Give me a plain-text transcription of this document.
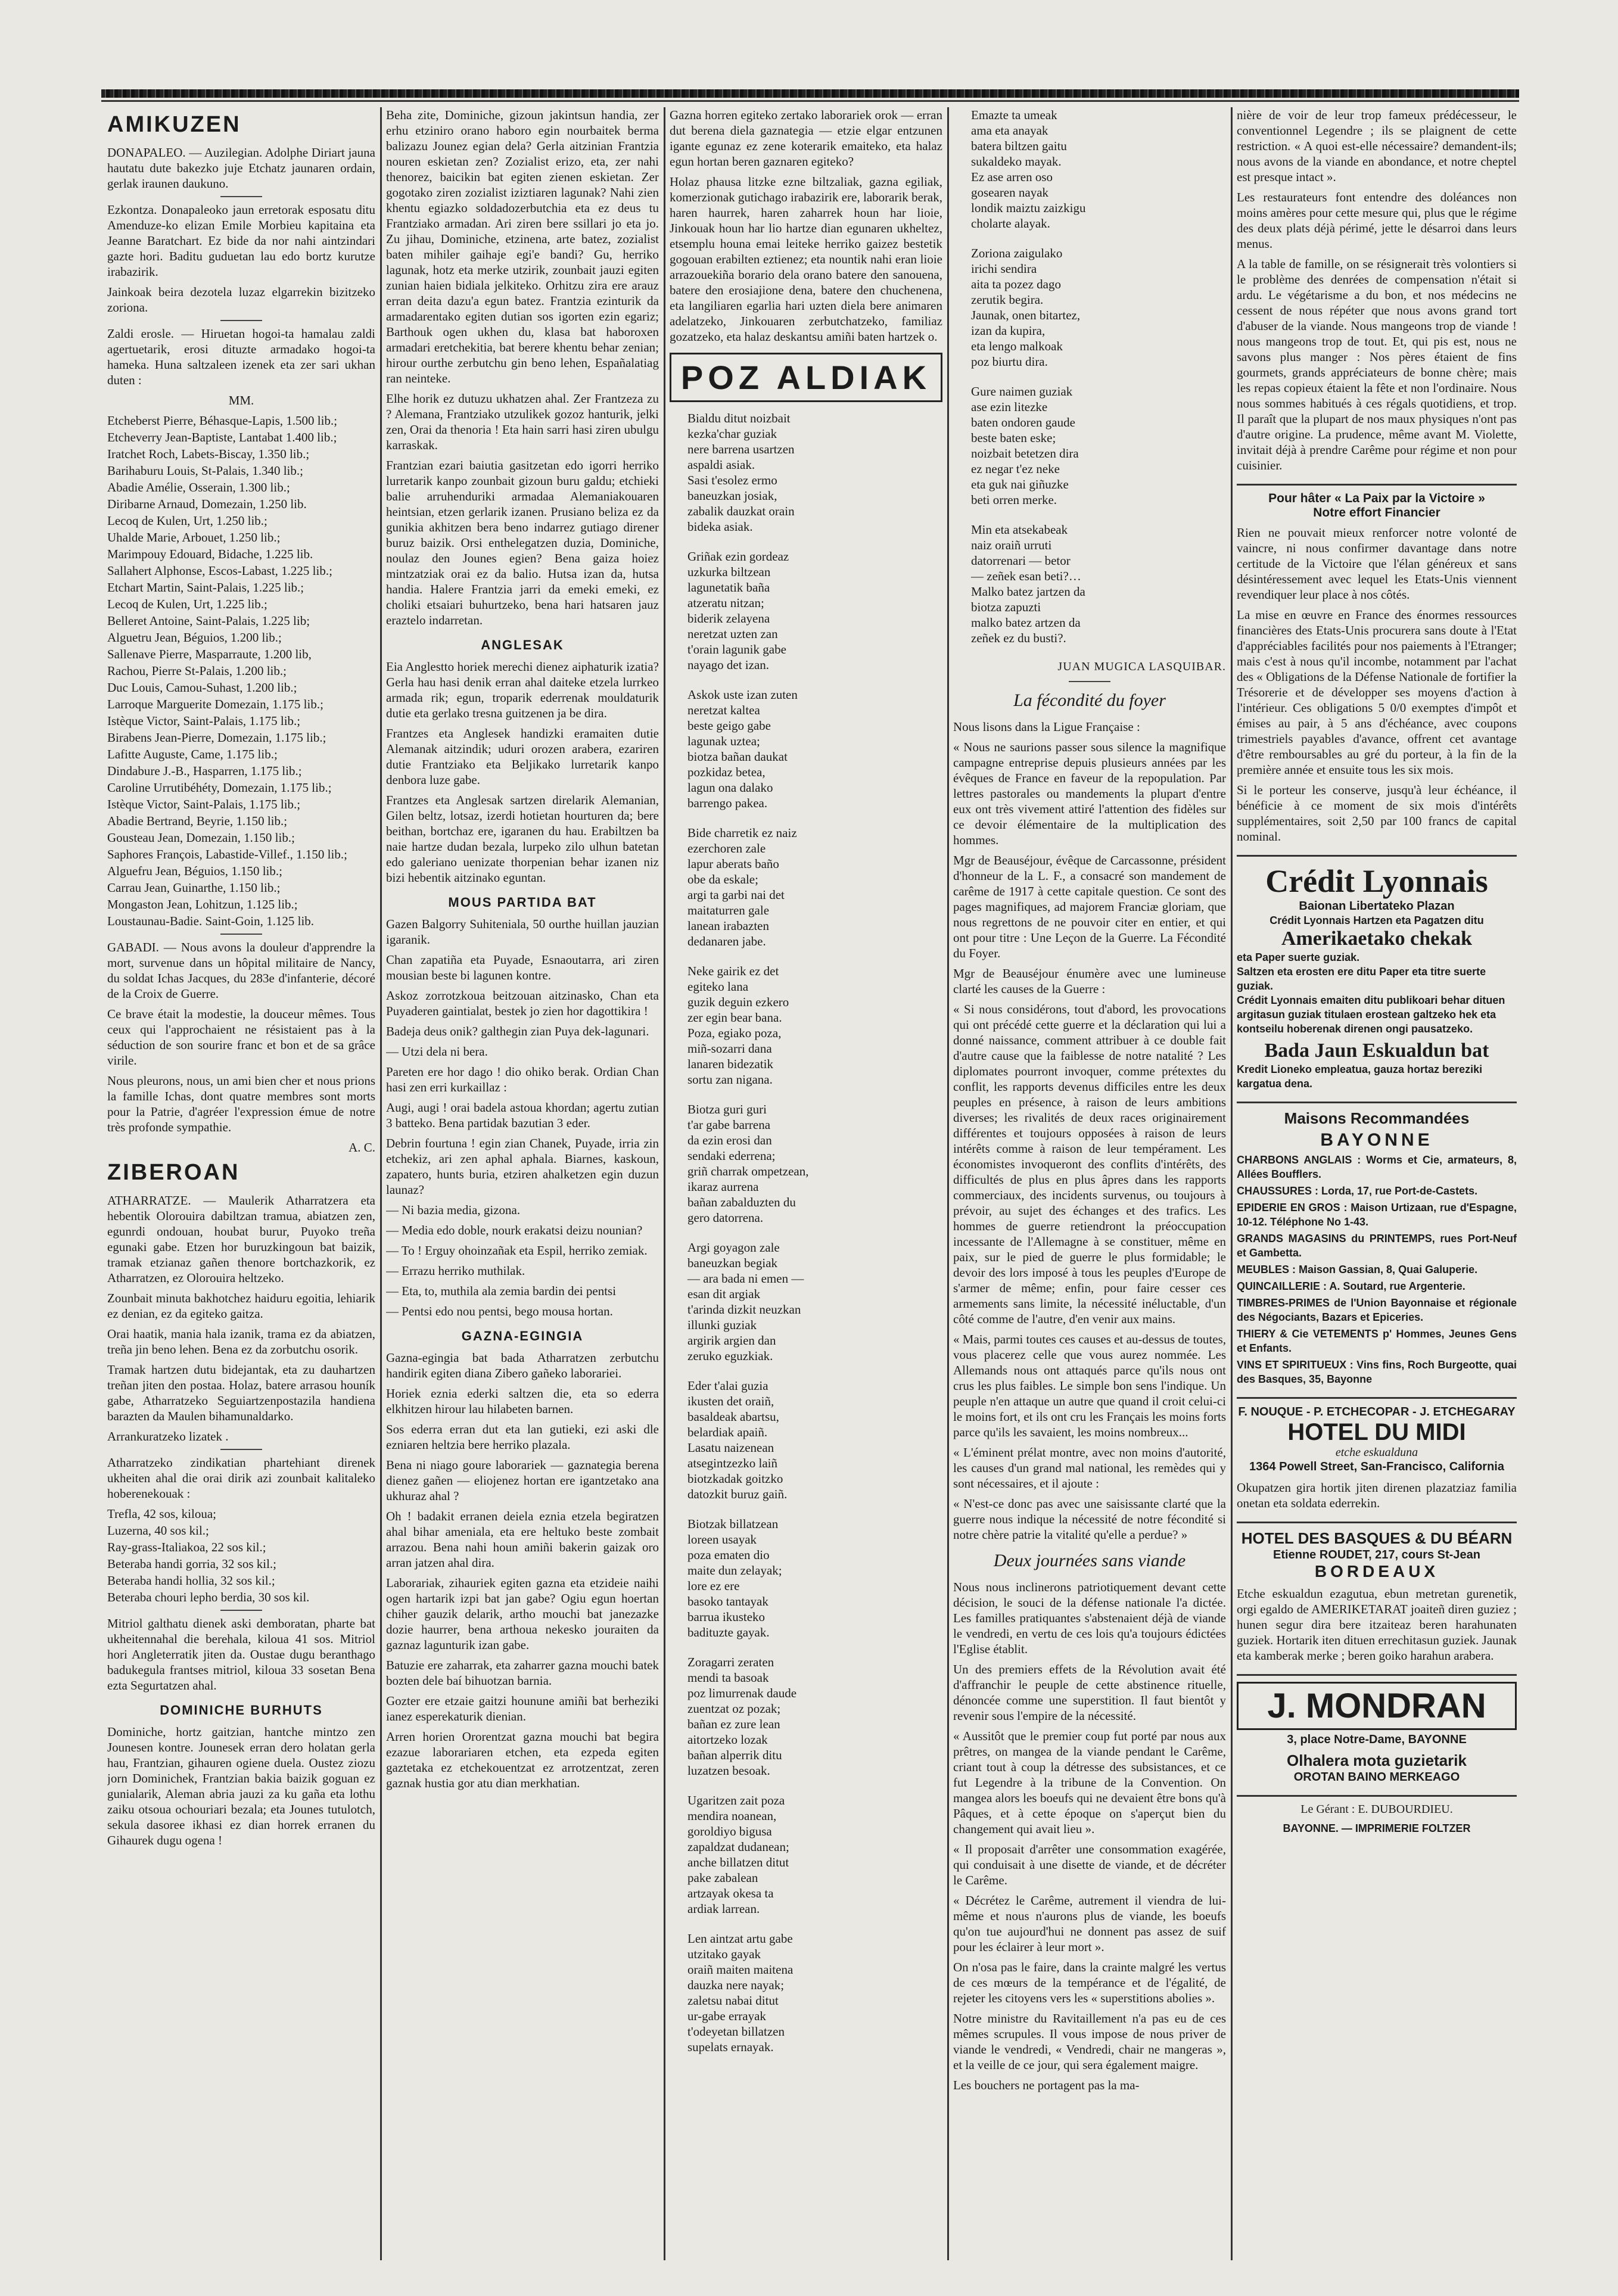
AMIKUZEN

DONAPALEO. — Auzilegian. Adolphe Diriart jauna hautatu dute bakezko juje Etchatz jaunaren ordain, gerlak iraunen daukuno.

Ezkontza. Donapaleoko jaun erretorak esposatu ditu Amenduze-ko elizan Emile Morbieu kapitaina eta Jeanne Baratchart. Ez bide da nor nahi aintzindari gazte hori. Baditu guduetan lau edo bortz kurutze irabazirik.

Jainkoak beira dezotela luzaz elgarrekin bizitzeko zoriona.

Zaldi erosle. — Hiruetan hogoi-ta hamalau zaldi agertuetarik, erosi dituzte armadako hogoi-ta hameka. Huna saltzaleen izenek eta zer sari ukhan duten :

MM.

Etcheberst Pierre, Béhasque-Lapis, 1.500 lib.;

Etcheverry Jean-Baptiste, Lantabat 1.400 lib.;

Iratchet Roch, Labets-Biscay, 1.350 lib.;

Barihaburu Louis, St-Palais, 1.340 lib.;

Abadie Amélie, Osserain, 1.300 lib.;

Diribarne Arnaud, Domezain, 1.250 lib.

Lecoq de Kulen, Urt, 1.250 lib.;

Uhalde Marie, Arbouet, 1.250 lib.;

Marimpouy Edouard, Bidache, 1.225 lib.

Sallahert Alphonse, Escos-Labast, 1.225 lib.;

Etchart Martin, Saint-Palais, 1.225 lib.;

Lecoq de Kulen, Urt, 1.225 lib.;

Belleret Antoine, Saint-Palais, 1.225 lib;

Alguetru Jean, Béguios, 1.200 lib.;

Sallenave Pierre, Masparraute, 1.200 lib,

Rachou, Pierre St-Palais, 1.200 lib.;

Duc Louis, Camou-Suhast, 1.200 lib.;

Larroque Marguerite Domezain, 1.175 lib.;

Istèque Victor, Saint-Palais, 1.175 lib.;

Birabens Jean-Pierre, Domezain, 1.175 lib.;

Lafitte Auguste, Came, 1.175 lib.;

Dindabure J.-B., Hasparren, 1.175 lib.;

Caroline Urrutibéhéty, Domezain, 1.175 lib.;

Istèque Victor, Saint-Palais, 1.175 lib.;

Abadie Bertrand, Beyrie, 1.150 lib.;

Gousteau Jean, Domezain, 1.150 lib.;

Saphores François, Labastide-Villef., 1.150 lib.;

Alguefru Jean, Béguios, 1.150 lib.;

Carrau Jean, Guinarthe, 1.150 lib.;

Mongaston Jean, Lohitzun, 1.125 lib.;

Loustaunau-Badie. Saint-Goin, 1.125 lib.

GABADI. — Nous avons la douleur d'apprendre la mort, survenue dans un hôpital militaire de Nancy, du soldat Ichas Jacques, du 283e d'infanterie, décoré de la Croix de Guerre.

Ce brave était la modestie, la douceur mêmes. Tous ceux qui l'approchaient ne résistaient pas à la séduction de son sourire franc et bon et de sa grâce virile.

Nous pleurons, nous, un ami bien cher et nous prions la famille Ichas, dont quatre membres sont morts pour la Patrie, d'agréer l'expression émue de notre très profonde sympathie.

A. C.

ZIBEROAN

ATHARRATZE. — Maulerik Atharratzera eta hebentik Olorouira dabiltzan tramua, abiatzen zen, egunrdi ondouan, houbat burur, Puyoko treña egunaki gabe. Etzen hor buruzkingoun bat baizik, tramak etzianaz gañen thenore bortchazkorik, ez Atharratzen, ez Olorouira heltzeko.

Zounbait minuta bakhotchez haiduru egoitia, lehiarik ez denian, ez da egiteko gaitza.

Orai haatik, mania hala izanik, trama ez da abiatzen, treña jin beno lehen. Bena ez da zorbutchu osorik.

Tramak hartzen dutu bidejantak, eta zu dauhartzen treñan jiten den postaa. Holaz, batere arrasou houník gabe, Atharratzeko Seguiartzenpostazila handiena barazten da Maulen bihamunaldarko.

Arrankuratzeko lizatek .

Atharratzeko zindikatian phartehiant direnek ukheiten ahal die orai dirik azi zounbait kalitaleko hoberenekouak :

Trefla, 42 sos, kiloua;

Luzerna, 40 sos kil.;

Ray-grass-Italiakoa, 22 sos kil.;

Beteraba handi gorria, 32 sos kil.;

Beteraba handi hollia, 32 sos kil.;

Beteraba chouri lepho berdia, 30 sos kil.

Mitriol galthatu dienek aski demboratan, pharte bat ukheitennahal die berehala, kiloua 41 sos. Mitriol hori Angleterratik jiten da. Oustae dugu beranthago badukegula frantses mitriol, kiloua 33 sosetan Bena ezta Segurtatzen ahal.

DOMINICHE BURHUTS

Dominiche, hortz gaitzian, hantche mintzo zen Jounesen kontre. Jounesek erran dero holatan gerla hau, Frantzian, gihauren ogiene duela. Oustez ziozu jorn Dominichek, Frantzian bakia baizik goguan ez gunialarik, Aleman abria jauzi za ku gaña eta lothu zaiku otsoua ochouriari bezala; eta Jounes tutulotch, sekula dasoree ikhasi ez dian horrek erranen du Gihaurek dugu ogena !

Beha zite, Dominiche, gizoun jakintsun handia, zer erhu etziniro orano haboro egin nourbaitek berma balizazu Jounez egian dela? Gerla aitzinian Frantzia nouren eskietan zen? Zozialist erizo, eta, zer nahi thenorez, baicikin bat egiten zienen eskietan. Zer gogotako ziren zozialist iziztiaren lagunak? Nahi zien khentu egiazko soldadozerbutchia eta ez deus tu Frantziako armadan. Ari ziren bere ssillari jo eta jo. Zu jihau, Dominiche, etzinena, arte batez, zozialist baten mihiler gaihaje egi'e bandi? Gu, herriko lagunak, hotz eta merke utzirik, zounbait jauzi egiten zunian haien bidiala jelkiteko. Orhitzu zira ere arauz erran deita dazu'a egun batez. Frantzia ezinturik da armadarentako egiten dutian sos igorten ezin egariz; Barthouk ogen ukhen du, klasa bat haboroxen armadari eretchekitia, bat berere khentu behar zenian; hirour ourthe zerbutchu gin beno lehen, Españalatiag ran neinteke.

Elhe horik ez dutuzu ukhatzen ahal. Zer Frantzeza zu ? Alemana, Frantziako utzulikek gozoz hanturik, jelki zen, Orai da thenoria ! Eta hain sarri hasi ziren ubulgu karraskak.

Frantzian ezari baiutia gasitzetan edo igorri herriko lurretarik kanpo zounbait gizoun buru galdu; etchieki balie arruhenduriki armadaa Alemaniakouaren heintsian, etzen gerlarik izanen. Prusiano beliza ez da gunikia akhitzen bera beno indarrez gutiago direner buruz baizik. Orsi enthelegatzen duzia, Dominiche, noulaz den Jounes egien? Bena gaiza hoiez mintzatziak orai ez da balio. Hutsa izan da, hutsa handia. Halere Frantzia jarri da emeki emeki, ez choliki etsaiari buhurtzeko, bena hari hatsaren jauz eraztelo indarretan.

ANGLESAK

Eia Anglestto horiek merechi dienez aiphaturik izatia? Gerla hau hasi denik erran ahal daiteke etzela lurrkeo armada rik; egun, troparik ederrenak mouldaturik dutie eta gerlako tresna guitzenen ja be dira.

Frantzes eta Anglesek handizki eramaiten dutie Alemanak aitzindik; uduri orozen arabera, ezariren dutie Frantziako eta Beljikako lurretarik kanpo denbora luze gabe.

Frantzes eta Anglesak sartzen direlarik Alemanian, Gilen beltz, lotsaz, izerdi hotietan hourturen da; bere beithan, bortchaz ere, igaranen du hau. Erabiltzen ba naie hartze dudan bezala, lurpeko zilo ulhun batetan edo galeriano uenizate thorpenian behar izanen niz bizi hebentik aitzinako eguntan.

MOUS PARTIDA BAT

Gazen Balgorry Suhiteniala, 50 ourthe huillan jauzian igaranik.

Chan zapatiña eta Puyade, Esnaoutarra, ari ziren mousian beste bi lagunen kontre.

Askoz zorrotzkoua beitzouan aitzinasko, Chan eta Puyaderen gaintialat, bestek jo zien hor dagottikira !

Badeja deus onik? galthegin zian Puya dek-lagunari.

— Utzi dela ni bera.

Pareten ere hor dago ! dio ohiko berak. Ordian Chan hasi zen erri kurkaillaz :

Augi, augi ! orai badela astoua khordan; agertu zutian 3 batteko. Bena partidak bazutian 3 eder.

Debrin fourtuna ! egin zian Chanek, Puyade, irria zin etchekiz, ari zen aphal aphala. Biarnes, kaskoun, zapatero, hunts buria, etziren ahalketzen egin duzun launaz?

— Ni bazia media, gizona.

— Media edo doble, nourk erakatsi deizu nounian?

— To ! Erguy ohoinzañak eta Espil, herriko zemiak.

— Errazu herriko muthilak.

— Eta, to, muthila ala zemia bardin dei pentsi

— Pentsi edo nou pentsi, bego mousa hortan.

GAZNA-EGINGIA

Gazna-egingia bat bada Atharratzen zerbutchu handirik egiten diana Zibero gañeko laborariei.

Horiek eznia ederki saltzen die, eta so ederra elkhitzen hirour lau hilabeten barnen.

Sos ederra erran dut eta lan gutieki, ezi aski dle ezniaren heltzia bere herriko plazala.

Bena ni niago goure laborariek — gaznategia berena dienez gañen — eliojenez hortan ere igantzetako ana ukhuraz ahal ?

Oh ! badakit erranen deiela eznia etzela begiratzen ahal bihar ameniala, eta ere heltuko beste zombait arrazou. Bena nahi houn amiñi bakerin gaizak oro arran jatzen ahal dira.

Laborariak, zihauriek egiten gazna eta etzideie naihi ogen hartarik izpi bat jan gabe? Ogiu egun hoertan chiher gauzik delarik, artho mouchi bat janezazke dozie haurrer, bena arthoua nekesko jouraiten da gaznaz lagunturik izan gabe.

Batuzie ere zaharrak, eta zaharrer gazna mouchi batek bozten dele baí bihuotzan barnia.

Gozter ere etzaie gaitzi hounune amiñi bat berheziki ianez esperekaturik dienian.

Arren horien Ororentzat gazna mouchi bat begira ezazue laborariaren etchen, eta ezpeda egiten gaztetaka ez etchekouentzat ez arrotzentzat, zeren gaznak hustia gor atu dian merkhatian.

Gazna horren egiteko zertako laborariek orok — erran dut berena diela gaznategia — etzie elgar entzunen igante egunaz ez zene koterarik emaiteko, eta halaz egun hortan beren gaznaren egiteko?

Holaz phausa litzke ezne biltzaliak, gazna egiliak, komerzionak gutichago irabazirik ere, laborarik berak, haren haurrek, haren zaharrek houn har lioie, Jinkouak houn har lio hartze dian egunaren ukheltez, etsemplu houna emai leiteke herriko gaizez bestetik gogouan erabilten eztienez; eta nountik nahi eran lioie arrazouekiña borario dela orano batere den sanouena, batere den erosiajione dena, batere den chuchenena, eta langiliaren egarlia hari uzten diela bere animaren adelatzeko, Jinkouaren zerbutchatzeko, familiaz gozatzeko, eta halaz deskantsu amiñi baten hartzek o.

POZ ALDIAK

Bialdu ditut noizbait

kezka'char guziak

nere barrena usartzen

aspaldi asiak.

Sasi t'esolez ermo

baneuzkan josiak,

zabalik dauzkat orain

bideka asiak.

Griñak ezin gordeaz

uzkurka biltzean

lagunetatik baña

atzeratu nitzan;

biderik zelayena

neretzat uzten zan

t'orain lagunik gabe

nayago det izan.

Askok uste izan zuten

neretzat kaltea

beste geigo gabe

lagunak uztea;

biotza bañan daukat

pozkidaz betea,

lagun ona dalako

barrengo pakea.

Bide charretik ez naiz

ezerchoren zale

lapur aberats baño

obe da eskale;

argi ta garbi nai det

maitaturren gale

lanean irabazten

dedanaren jabe.

Neke gairik ez det

egiteko lana

guzik deguin ezkero

zer egin bear bana.

Poza, egiako poza,

miñ-sozarri dana

lanaren bidezatik

sortu zan nigana.

Biotza guri guri

t'ar gabe barrena

da ezin erosi dan

sendaki ederrena;

griñ charrak ompetzean,

ikaraz aurrena

bañan zabalduzten du

gero datorrena.

Argi goyagon zale

baneuzkan begiak

— ara bada ni emen —

esan dit argiak

t'arinda dizkit neuzkan

illunki guziak

argirik argien dan

zeruko eguzkiak.

Eder t'alai guzia

ikusten det oraiñ,

basaldeak abartsu,

belardiak apaiñ.

Lasatu naizenean

atsegintzezko laiñ

biotzkadak goitzko

datozkit buruz gaiñ.

Biotzak billatzean

loreen usayak

poza ematen dio

maite dun zelayak;

lore ez ere

basoko tantayak

barrua ikusteko

badituzte gayak.

Zoragarri zeraten

mendi ta basoak

poz limurrenak daude

zuentzat oz pozak;

bañan ez zure lean

aitortzeko lozak

bañan alperrik ditu

luzatzen besoak.

Ugaritzen zait poza

mendira noanean,

goroldiyo bigusa

zapaldzat dudanean;

anche billatzen ditut

pake zabalean

artzayak okesa ta

ardiak larrean.

Len aintzat artu gabe

utzitako gayak

oraiñ maiten maitena

dauzka nere nayak;

zaletsu nabai ditut

ur-gabe errayak

t'odeyetan billatzen

supelats ernayak.

Emazte ta umeak

ama eta anayak

batera biltzen gaitu

sukaldeko mayak.

Ez ase arren oso

gosearen nayak

londik maiztu zaizkigu

cholarte alayak.

Zoriona zaigulako

irichi sendira

aita ta pozez dago

zerutik begira.

Jaunak, onen bitartez,

izan da kupira,

eta lengo malkoak

poz biurtu dira.

Gure naimen guziak

ase ezin litezke

baten ondoren gaude

beste baten eske;

noizbait betetzen dira

ez negar t'ez neke

eta guk nai giñuzke

beti orren merke.

Min eta atsekabeak

naiz oraiñ urruti

datorrenari — betor

— zeñek esan beti?…

Malko batez jartzen da

biotza zapuzti

malko batez artzen da

zeñek ez du busti?.

JUAN MUGICA LASQUIBAR.
La fécondité du foyer

Nous lisons dans la Ligue Française :

« Nous ne saurions passer sous silence la magnifique campagne entreprise depuis plusieurs années par les évêques de France en faveur de la repopulation. Par lettres pastorales ou mandements la plupart d'entre eux ont très vivement attiré l'attention des fidèles sur ce devoir élémentaire de la multiplication des hommes.

Mgr de Beauséjour, évêque de Carcassonne, président d'honneur de la L. F., a consacré son mandement de carême de 1917 à cette capitale question. Ce sont des pages magnifiques, ad majorem Franciæ gloriam, que nous regrettons de ne pouvoir citer en entier, et qui ont pour titre : Une Leçon de la Guerre. La Fécondité du Foyer.

Mgr de Beauséjour énumère avec une lumineuse clarté les causes de la Guerre :

« Si nous considérons, tout d'abord, les provocations qui ont précédé cette guerre et la déclaration qui lui a donné naissance, comment attribuer à ce double fait d'autre cause que la faiblesse de notre natalité ? Les diplomates pourront invoquer, comme prétextes du conflit, les rapports devenus difficiles entre les deux peuples en présence, à raison de leurs ambitions diverses; les rivalités de deux races originairement différentes et toujours opposées à raison de leurs intérêts comme à raison de leur tempérament. Les économistes invoqueront des conflits d'intérêts, des difficultés de plus en plus âpres dans les rapports commerciaux, des incidents survenus, ou toujours à prévoir, au sujet des échanges et des trafics. Les hommes de guerre retiendront la préoccupation incessante de l'Allemagne à se constituer, même en paix, sur le pied de guerre le plus formidable; le devoir des lors imposé à tous les peuples d'Europe de s'armer de même; enfin, pour faire cesser ces armements sans limite, la nécessité inéluctable, d'un côté comme de l'autre, d'en venir aux mains.

« Mais, parmi toutes ces causes et au-dessus de toutes, vous placerez celle que vous aurez nommée. Les Allemands nous ont attaqués parce qu'ils nous ont crus les plus faibles. Le simple bon sens l'indique. Un peuple n'en attaque un autre que quand il croit celui-ci le moins fort, et ils ont cru les Français les moins forts parce qu'ils les savaient, les moins nombreux...

« L'éminent prélat montre, avec non moins d'autorité, les causes d'un grand mal national, les remèdes qui y sont nécessaires, et il ajoute :

« N'est-ce donc pas avec une saisissante clarté que la guerre nous indique la nécessité de notre fécondité si notre chère patrie la vitalité qu'elle a perdue? »

Deux journées sans viande

Nous nous inclinerons patriotiquement devant cette décision, le souci de la défense nationale l'a dictée. Les familles pratiquantes s'abstenaient déjà de viande le vendredi, en vertu de ces lois qu'a toujours édictées l'Eglise établit.

Un des premiers effets de la Révolution avait été d'affranchir le peuple de cette abstinence rituelle, dénoncée comme une superstition. Il faut bientôt y revenir sous l'empire de la nécessité.

« Aussitôt que le premier coup fut porté par nous aux prêtres, on mangea de la viande pendant le Carême, criant tout à coup la détresse des subsistances, et ce fut Legendre à la tribune de la Convention. On mangea alors les boeufs qui ne devaient être bons qu'à Pâques, et à cette époque on s'aperçut bien du changement qui avait lieu ».

« Il proposait d'arrêter une consommation exagérée, qui conduisait à une disette de viande, et de décréter le Carême.

« Décrétez le Carême, autrement il viendra de lui-même et nous n'aurons plus de viande, les boeufs qu'on tue aujourd'hui ne donnent pas assez de suif pour les éclairer à leur mort ».

On n'osa pas le faire, dans la crainte malgré les vertus de ces mœurs de la tempérance et de l'égalité, de rejeter les citoyens vers les « superstitions abolies ».

Notre ministre du Ravitaillement n'a pas eu de ces mêmes scrupules. Il vous impose de nous priver de viande le vendredi, « Vendredi, chair ne mangeras », et la veille de ce jour, qui sera également maigre.

Les bouchers ne portagent pas la ma-

nière de voir de leur trop fameux prédécesseur, le conventionnel Legendre ; ils se plaignent de cette restriction. « A quoi est-elle nécessaire? demandent-ils; nous avons de la viande en abondance, et notre cheptel est presque intact ».

Les restaurateurs font entendre des doléances non moins amères pour cette mesure qui, plus que le régime des deux plats déjà périmé, jette le désarroi dans leurs menus.

A la table de famille, on se résignerait très volontiers si le problème des denrées de compensation n'était si ardu. Le végétarisme a du bon, et nos médecins ne cessent de nous répéter que nous avons grand tort d'abuser de la viande. Nous mangeons trop de viande ! nous mangeons trop de tout. Et, qui pis est, nous ne savons plus manger : Nos pères étaient de fins gourmets, grands appréciateurs de bonne chère; mais les repas copieux étaient la fête et non l'ordinaire. Nous nous sommes habitués à ces régals quotidiens, et trop. Il paraît que la plupart de nos maux physiques n'ont pas d'autre origine. La prudence, même avant M. Violette, invitait déjà à prendre Carême pour régime et non pour cuisinier.

Pour hâter « La Paix par la Victoire »
Notre effort Financier

Rien ne pouvait mieux renforcer notre volonté de vaincre, ni nous confirmer davantage dans notre certitude de la Victoire que l'élan généreux et sans désintéressement avec lequel les Etats-Unis viennent revendiquer leur place à nos côtés.

La mise en œuvre en France des énormes ressources financières des Etats-Unis procurera sans doute à l'Etat d'appréciables facilités pour nos paiements à l'Etranger; mais c'est à nous qu'il incombe, notamment par l'achat des « Obligations de la Défense Nationale de fortifier la Trésorerie et de développer ses moyens d'action à l'intérieur. Ces obligations 5 0/0 exemptes d'impôt et émises au pair, à 5 ans d'échéance, avec coupons trimestriels payables d'avance, offrent cet avantage d'être remboursables au gré du porteur, à la fin de la première année et ensuite tous les six mois.

Si le porteur les conserve, jusqu'à leur échéance, il bénéficie à ce moment de six mois d'intérêts supplémentaires, soit 2,50 par 100 francs de capital nominal.

Crédit Lyonnais
Baionan Libertateko Plazan
Crédit Lyonnais Hartzen eta Pagatzen ditu
Amerikaetako chekak
eta Paper suerte guziak.
Saltzen eta erosten ere ditu Paper eta titre suerte guziak.
Crédit Lyonnais emaiten ditu publikoari behar dituen argitasun guziak titulaen erostean galtzeko hek eta kontseilu hoberenak direnen ongi pausatzeko.
Bada Jaun Eskualdun bat
Kredit Lioneko empleatua, gauza hortaz bereziki kargatua dena.
Maisons Recommandées
BAYONNE

CHARBONS ANGLAIS : Worms et Cie, armateurs, 8, Allées Boufflers.

CHAUSSURES : Lorda, 17, rue Port-de-Castets.

EPIDERIE EN GROS : Maison Urtizaan, rue d'Espagne, 10-12. Téléphone No 1-43.

GRANDS MAGASINS du PRINTEMPS, rues Port-Neuf et Gambetta.

MEUBLES : Maison Gassian, 8, Quai Galuperie.

QUINCAILLERIE : A. Soutard, rue Argenterie.

TIMBRES-PRIMES de l'Union Bayonnaise et régionale des Négociants, Bazars et Epiceries.

THIERY & Cie VETEMENTS p' Hommes, Jeunes Gens et Enfants.

VINS ET SPIRITUEUX : Vins fins, Roch Burgeotte, quai des Basques, 35, Bayonne

F. NOUQUE - P. ETCHECOPAR - J. ETCHEGARAY
HOTEL DU MIDI
etche eskualduna
1364 Powell Street, San-Francisco, California

Okupatzen gira hortik jiten direnen plazatziaz familia onetan eta soldata ederrekin.

HOTEL DES BASQUES & DU BÉARN
Etienne ROUDET, 217, cours St-Jean
BORDEAUX

Etche eskualdun ezagutua, ebun metretan gurenetik, orgi egaldo de AMERIKETARAT joaiteñ diren guziez ; hunen segur dira bere itzaiteaz beren harahunaten guziek. Hortarik iten dituen errechitasun guziek. Jaunak eta kamberak merke ; beren goiko harahun arabera.

J. MONDRAN
3, place Notre-Dame, BAYONNE
Olhalera mota guzietarik
OROTAN BAINO MERKEAGO
Le Gérant : E. DUBOURDIEU.
BAYONNE. — IMPRIMERIE FOLTZER
